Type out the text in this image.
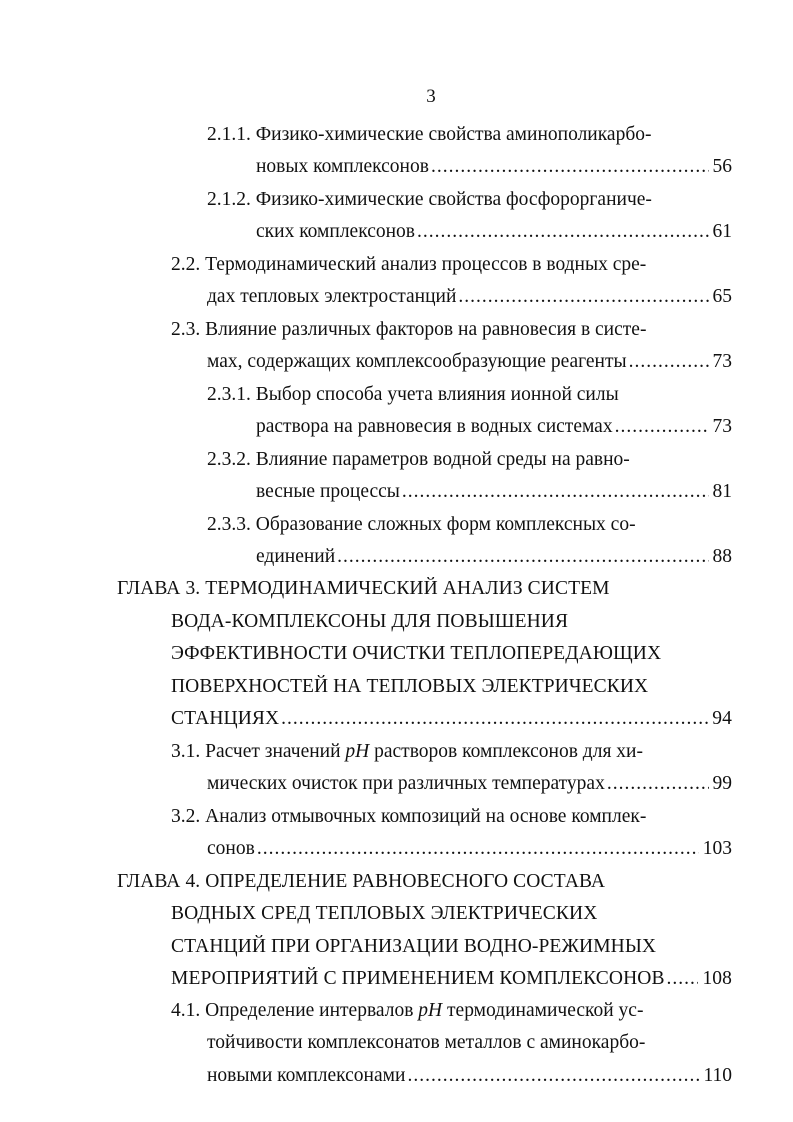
3
2.1.1. Физико-химические свойства аминополикарбо-
новых комплексонов .....	56
2.1.2. Физико-химические свойства фосфорорганиче-
ских комплексонов .....	61
2.2. Термодинамический анализ процессов в водных сре-
дах тепловых электростанций .....	65
2.3. Влияние различных факторов на равновесия в систе-
мах, содержащих комплексообразующие реагенты .....	73
2.3.1. Выбор способа учета влияния ионной силы
раствора на равновесия в водных системах .....	73
2.3.2. Влияние параметров водной среды на равно-
весные процессы .....	81
2.3.3. Образование сложных форм комплексных со-
единений .....	88
ГЛАВА 3. ТЕРМОДИНАМИЧЕСКИЙ АНАЛИЗ СИСТЕМ
ВОДА-КОМПЛЕКСОНЫ ДЛЯ ПОВЫШЕНИЯ
ЭФФЕКТИВНОСТИ ОЧИСТКИ ТЕПЛОПЕРЕДАЮЩИХ
ПОВЕРХНОСТЕЙ НА ТЕПЛОВЫХ ЭЛЕКТРИЧЕСКИХ
СТАНЦИЯХ .....	94
3.1. Расчет значений pH растворов комплексонов для хи-
мических очисток при различных температурах .....	99
3.2. Анализ отмывочных композиций на основе комплек-
сонов .....	103
ГЛАВА 4. ОПРЕДЕЛЕНИЕ РАВНОВЕСНОГО СОСТАВА
ВОДНЫХ СРЕД ТЕПЛОВЫХ ЭЛЕКТРИЧЕСКИХ
СТАНЦИЙ ПРИ ОРГАНИЗАЦИИ ВОДНО-РЕЖИМНЫХ
МЕРОПРИЯТИЙ С ПРИМЕНЕНИЕМ КОМПЛЕКСОНОВ ..... 108
4.1. Определение интервалов pH термодинамической ус-
тойчивости комплексонатов металлов с аминокарбо-
новыми комплексонами .....	110
